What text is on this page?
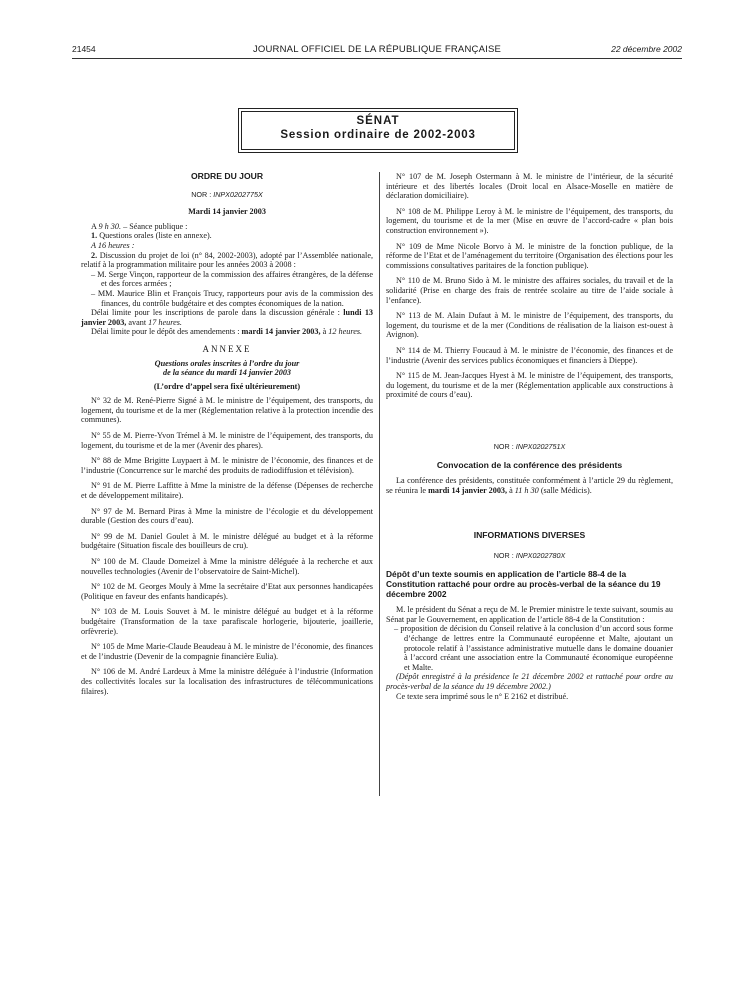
21454	JOURNAL OFFICIEL DE LA RÉPUBLIQUE FRANÇAISE	22 décembre 2002
SÉNAT
Session ordinaire de 2002-2003

ORDRE DU JOUR

NOR : INPX0202775X

Mardi 14 janvier 2003

A 9 h 30. – Séance publique :

1. Questions orales (liste en annexe).

A 16 heures :

2. Discussion du projet de loi (n° 84, 2002-2003), adopté par l’Assemblée nationale, relatif à la programmation militaire pour les années 2003 à 2008 :

– M. Serge Vinçon, rapporteur de la commission des affaires étrangères, de la défense et des forces armées ;

– MM. Maurice Blin et François Trucy, rapporteurs pour avis de la commission des finances, du contrôle budgétaire et des comptes économiques de la nation.

Délai limite pour les inscriptions de parole dans la discussion générale : lundi 13 janvier 2003, avant 17 heures.

Délai limite pour le dépôt des amendements : mardi 14 janvier 2003, à 12 heures.

ANNEXE

Questions orales inscrites à l’ordre du jour

de la séance du mardi 14 janvier 2003

(L’ordre d’appel sera fixé ultérieurement)

N° 32 de M. René-Pierre Signé à M. le ministre de l’équipement, des transports, du logement, du tourisme et de la mer (Réglementation relative à la protection incendie des communes).

N° 55 de M. Pierre-Yvon Trémel à M. le ministre de l’équipement, des transports, du logement, du tourisme et de la mer (Avenir des phares).

N° 88 de Mme Brigitte Luypaert à M. le ministre de l’économie, des finances et de l’industrie (Concurrence sur le marché des produits de radiodiffusion et télévision).

N° 91 de M. Pierre Laffitte à Mme la ministre de la défense (Dépenses de recherche et de développement militaire).

N° 97 de M. Bernard Piras à Mme la ministre de l’écologie et du développement durable (Gestion des cours d’eau).

N° 99 de M. Daniel Goulet à M. le ministre délégué au budget et à la réforme budgétaire (Situation fiscale des bouilleurs de cru).

N° 100 de M. Claude Domeizel à Mme la ministre déléguée à la recherche et aux nouvelles technologies (Avenir de l’observatoire de Saint-Michel).

N° 102 de M. Georges Mouly à Mme la secrétaire d’Etat aux personnes handicapées (Politique en faveur des enfants handicapés).

N° 103 de M. Louis Souvet à M. le ministre délégué au budget et à la réforme budgétaire (Transformation de la taxe parafiscale horlogerie, bijouterie, joaillerie, orfèvrerie).

N° 105 de Mme Marie-Claude Beaudeau à M. le ministre de l’économie, des finances et de l’industrie (Devenir de la compagnie financière Eulia).

N° 106 de M. André Lardeux à Mme la ministre déléguée à l’industrie (Information des collectivités locales sur la localisation des infrastructures de télécommunications filaires).

N° 107 de M. Joseph Ostermann à M. le ministre de l’intérieur, de la sécurité intérieure et des libertés locales (Droit local en Alsace-Moselle en matière de déclaration domiciliaire).

N° 108 de M. Philippe Leroy à M. le ministre de l’équipement, des transports, du logement, du tourisme et de la mer (Mise en œuvre de l’accord-cadre « plan bois construction environnement »).

N° 109 de Mme Nicole Borvo à M. le ministre de la fonction publique, de la réforme de l’Etat et de l’aménagement du territoire (Organisation des élections pour les commissions consultatives paritaires de la fonction publique).

N° 110 de M. Bruno Sido à M. le ministre des affaires sociales, du travail et de la solidarité (Prise en charge des frais de rentrée scolaire au titre de l’aide sociale à l’enfance).

N° 113 de M. Alain Dufaut à M. le ministre de l’équipement, des transports, du logement, du tourisme et de la mer (Conditions de réalisation de la liaison est-ouest à Avignon).

N° 114 de M. Thierry Foucaud à M. le ministre de l’économie, des finances et de l’industrie (Avenir des services publics économiques et financiers à Dieppe).

N° 115 de M. Jean-Jacques Hyest à M. le ministre de l’équipement, des transports, du logement, du tourisme et de la mer (Réglementation applicable aux constructions à proximité de cours d’eau).

NOR : INPX0202751X

Convocation de la conférence des présidents

La conférence des présidents, constituée conformément à l’article 29 du règlement, se réunira le mardi 14 janvier 2003, à 11 h 30 (salle Médicis).

INFORMATIONS DIVERSES

NOR : INPX0202780X

Dépôt d’un texte soumis en application de l’article 88-4 de la Constitution rattaché pour ordre au procès-verbal de la séance du 19 décembre 2002

M. le président du Sénat a reçu de M. le Premier ministre le texte suivant, soumis au Sénat par le Gouvernement, en application de l’article 88-4 de la Constitution :

– proposition de décision du Conseil relative à la conclusion d’un accord sous forme d’échange de lettres entre la Communauté européenne et Malte, ajoutant un protocole relatif à l’assistance administrative mutuelle dans le domaine douanier à l’accord créant une association entre la Communauté économique européenne et Malte.

(Dépôt enregistré à la présidence le 21 décembre 2002 et rattaché pour ordre au procès-verbal de la séance du 19 décembre 2002.)

Ce texte sera imprimé sous le n° E 2162 et distribué.
